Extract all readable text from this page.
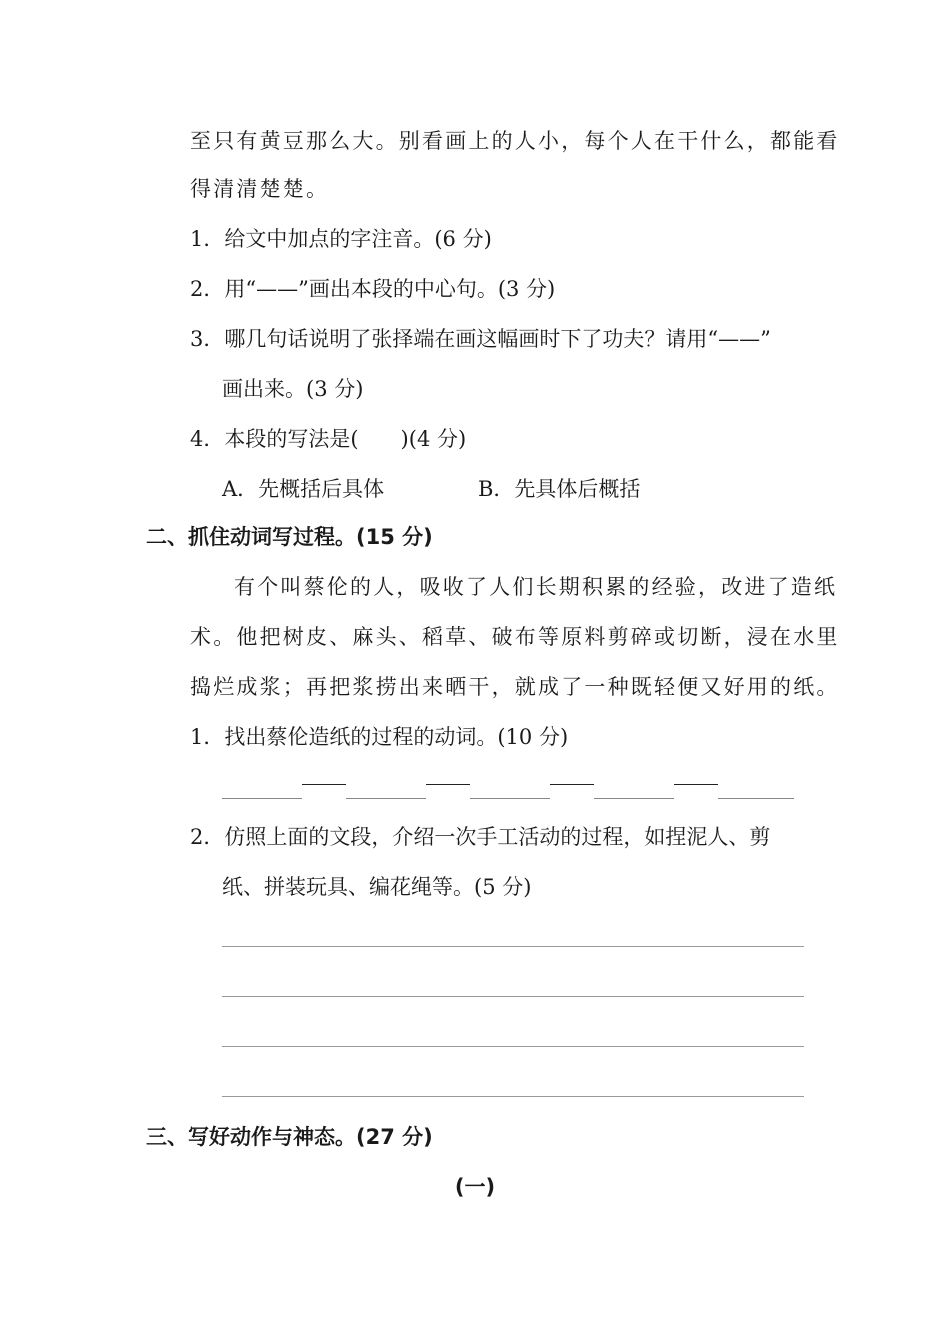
至只有黄豆那么大。别看画上的人小，每个人在干什么，都能看
得清清楚楚。
1．给文中加点的字注音。(6 分)
2．用“——”画出本段的中心句。(3 分)
3．哪几句话说明了张择端在画这幅画时下了功夫？请用“——”
画出来。(3 分)
4．本段的写法是(　　)(4 分)
A．先概括后具体	B．先具体后概括
二、抓住动词写过程。(15 分)
有个叫蔡伦的人，吸收了人们长期积累的经验，改进了造纸
术。他把树皮、麻头、稻草、破布等原料剪碎或切断，浸在水里
捣烂成浆；再把浆捞出来晒干，就成了一种既轻便又好用的纸。
1．找出蔡伦造纸的过程的动词。(10 分)
2．仿照上面的文段，介绍一次手工活动的过程，如捏泥人、剪
纸、拼装玩具、编花绳等。(5 分)
三、写好动作与神态。(27 分)
(一)
